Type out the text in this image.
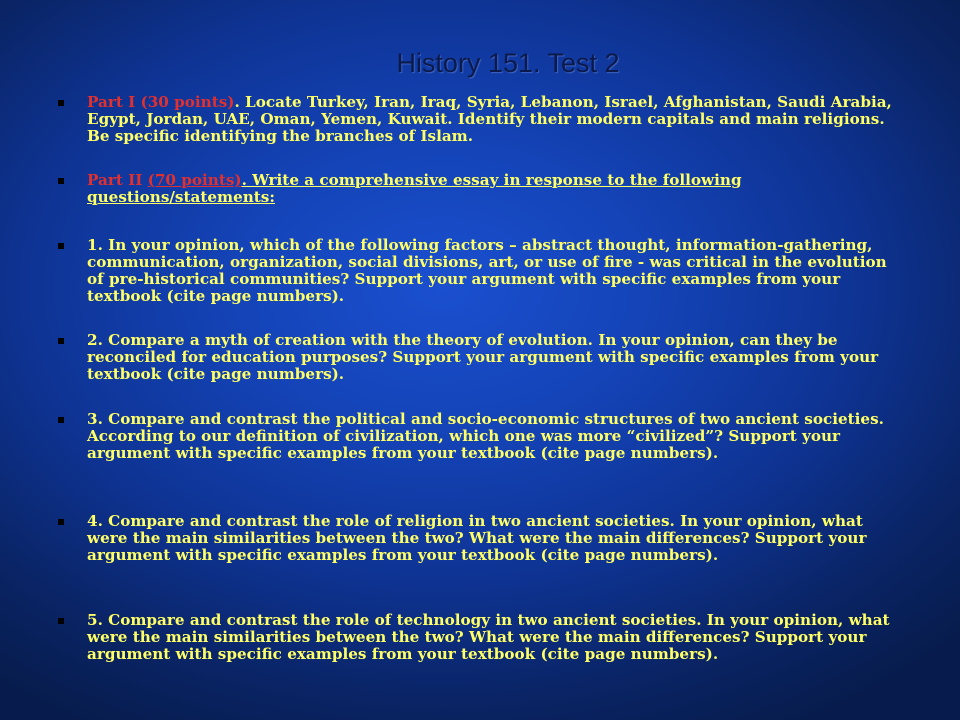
History 151. Test 2
Part I (30 points). Locate Turkey, Iran, Iraq, Syria, Lebanon, Israel, Afghanistan, Saudi Arabia, Egypt, Jordan, UAE, Oman, Yemen, Kuwait. Identify their modern capitals and main religions. Be specific identifying the branches of Islam.
Part II (70 points). Write a comprehensive essay in response to the following questions/statements:
1. In your opinion, which of the following factors – abstract thought, information-gathering, communication, organization, social divisions, art, or use of fire - was critical in the evolution of pre-historical communities? Support your argument with specific examples from your textbook (cite page numbers).
2. Compare a myth of creation with the theory of evolution. In your opinion, can they be reconciled for education purposes? Support your argument with specific examples from your textbook (cite page numbers).
3. Compare and contrast the political and socio-economic structures of two ancient societies. According to our definition of civilization, which one was more “civilized”? Support your argument with specific examples from your textbook (cite page numbers).
4. Compare and contrast the role of religion in two ancient societies. In your opinion, what were the main similarities between the two? What were the main differences? Support your argument with specific examples from your textbook (cite page numbers).
5. Compare and contrast the role of technology in two ancient societies. In your opinion, what were the main similarities between the two? What were the main differences? Support your argument with specific examples from your textbook (cite page numbers).
